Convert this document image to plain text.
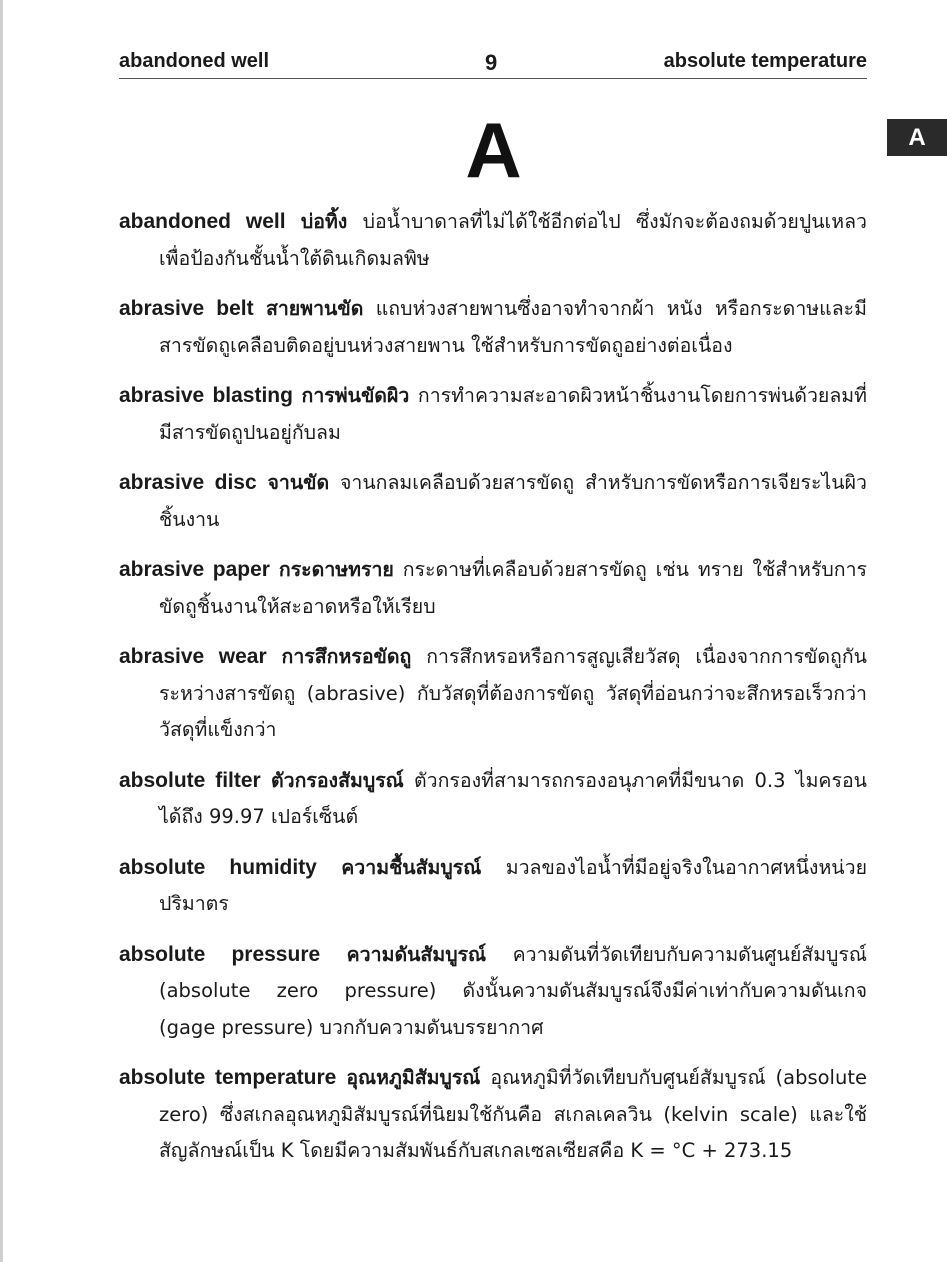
abandoned well	9	absolute temperature
A	A

abandoned well บ่อทิ้ง บ่อน้ำบาดาลที่ไม่ได้ใช้อีกต่อไป ซึ่งมักจะต้องถมด้วยปูนเหลว เพื่อป้องกันชั้นน้ำใต้ดินเกิดมลพิษ

abrasive belt สายพานขัด แถบห่วงสายพานซึ่งอาจทำจากผ้า หนัง หรือกระดาษและมีสารขัดถูเคลือบติดอยู่บนห่วงสายพาน ใช้สำหรับการขัดถูอย่างต่อเนื่อง

abrasive blasting การพ่นขัดผิว การทำความสะอาดผิวหน้าชิ้นงานโดยการพ่นด้วยลมที่มีสารขัดถูปนอยู่กับลม

abrasive disc จานขัด จานกลมเคลือบด้วยสารขัดถู สำหรับการขัดหรือการเจียระไนผิวชิ้นงาน

abrasive paper กระดาษทราย กระดาษที่เคลือบด้วยสารขัดถู เช่น ทราย ใช้สำหรับการขัดถูชิ้นงานให้สะอาดหรือให้เรียบ

abrasive wear การสึกหรอขัดถู การสึกหรอหรือการสูญเสียวัสดุ เนื่องจากการขัดถูกันระหว่างสารขัดถู (abrasive) กับวัสดุที่ต้องการขัดถู วัสดุที่อ่อนกว่าจะสึกหรอเร็วกว่าวัสดุที่แข็งกว่า

absolute filter ตัวกรองสัมบูรณ์ ตัวกรองที่สามารถกรองอนุภาคที่มีขนาด 0.3 ไมครอนได้ถึง 99.97 เปอร์เซ็นต์

absolute humidity ความชื้นสัมบูรณ์ มวลของไอน้ำที่มีอยู่จริงในอากาศหนึ่งหน่วยปริมาตร

absolute pressure ความดันสัมบูรณ์ ความดันที่วัดเทียบกับความดันศูนย์สัมบูรณ์ (absolute zero pressure) ดังนั้นความดันสัมบูรณ์จึงมีค่าเท่ากับความดันเกจ (gage pressure) บวกกับความดันบรรยากาศ

absolute temperature อุณหภูมิสัมบูรณ์ อุณหภูมิที่วัดเทียบกับศูนย์สัมบูรณ์ (absolute zero) ซึ่งสเกลอุณหภูมิสัมบูรณ์ที่นิยมใช้กันคือ สเกลเคลวิน (kelvin scale) และใช้สัญลักษณ์เป็น K โดยมีความสัมพันธ์กับสเกลเซลเซียสคือ K = °C + 273.15
